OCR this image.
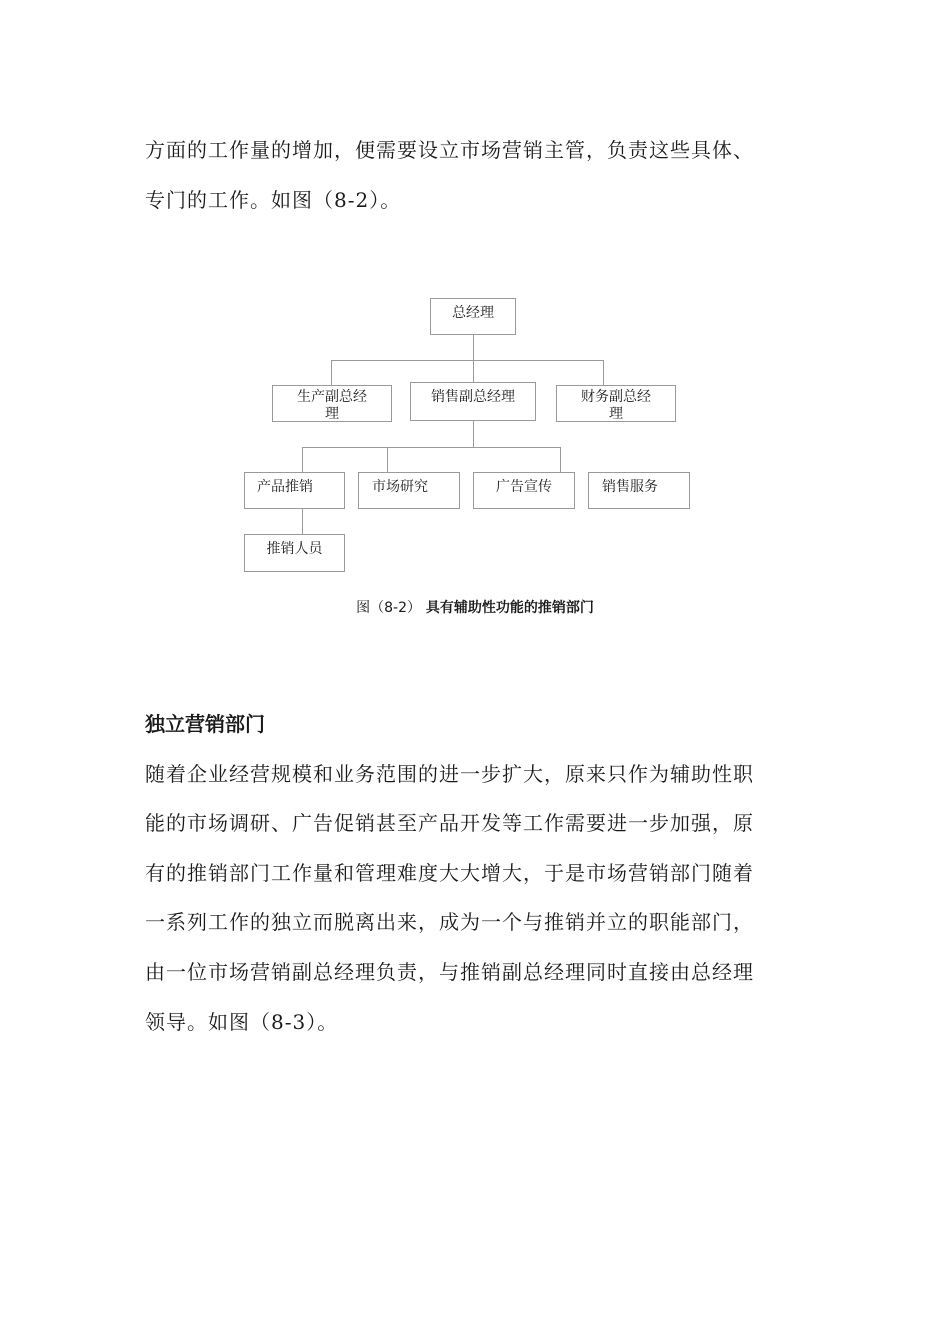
方面的工作量的增加，便需要设立市场营销主管，负责这些具体、
专门的工作。如图（8-2）。
总经理
生产副总经
理
销售副总经理	财务副总经
理
产品推销	市场研究	广告宣传	销售服务
推销人员
图（8-2） 具有辅助性功能的推销部门
独立营销部门
随着企业经营规模和业务范围的进一步扩大，原来只作为辅助性职
能的市场调研、广告促销甚至产品开发等工作需要进一步加强，原
有的推销部门工作量和管理难度大大增大，于是市场营销部门随着
一系列工作的独立而脱离出来，成为一个与推销并立的职能部门，
由一位市场营销副总经理负责，与推销副总经理同时直接由总经理
领导。如图（8-3）。
